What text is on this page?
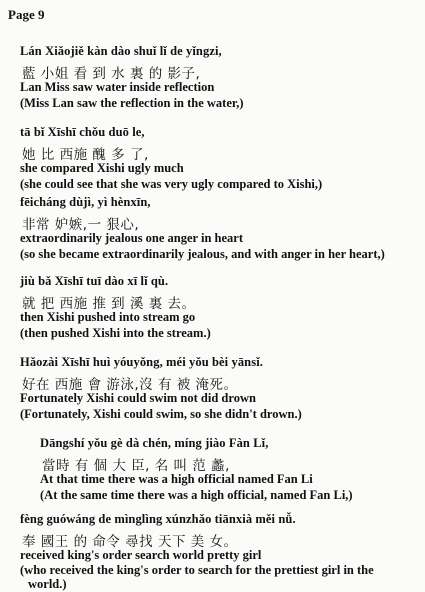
Page 9
Lán Xiǎojiě kàn dào shuǐ lǐ de yǐngzi,
藍 小姐 看 到 水 裏 的 影子,
Lan Miss saw water inside reflection
(Miss Lan saw the reflection in the water,)
tā bǐ Xīshī chǒu duō le,
她 比 西施 醜 多 了,
she compared Xishi ugly much
(she could see that she was very ugly compared to Xishi,)
fēicháng dùjì, yì hènxīn,
非常 妒嫉,一 狠心,
extraordinarily jealous one anger in heart
(so she became extraordinarily jealous, and with anger in her heart,)
jiù bǎ Xīshī tuī dào xī lǐ qù.
就 把 西施 推 到 溪 裏 去。
then Xishi pushed into stream go
(then pushed Xishi into the stream.)
Hǎozài Xīshī huì yóuyǒng, méi yǒu bèi yānsǐ.
好在 西施 會 游泳,沒 有 被 淹死。
Fortunately Xishi could swim not did drown
(Fortunately, Xishi could swim, so she didn't drown.)
Dāngshí yǒu gè dà chén, míng jiào Fàn Lǐ,
當時 有 個 大 臣, 名 叫 范 蠡,
At that time there was a high official named Fan Li
(At the same time there was a high official, named Fan Li,)
fèng guówáng de mìnglìng xúnzhǎo tiānxià měi nǚ.
奉 國王 的 命令 尋找 天下 美 女。
received king's order search world pretty girl
(who received the king's order to search for the prettiest girl in the
world.)
